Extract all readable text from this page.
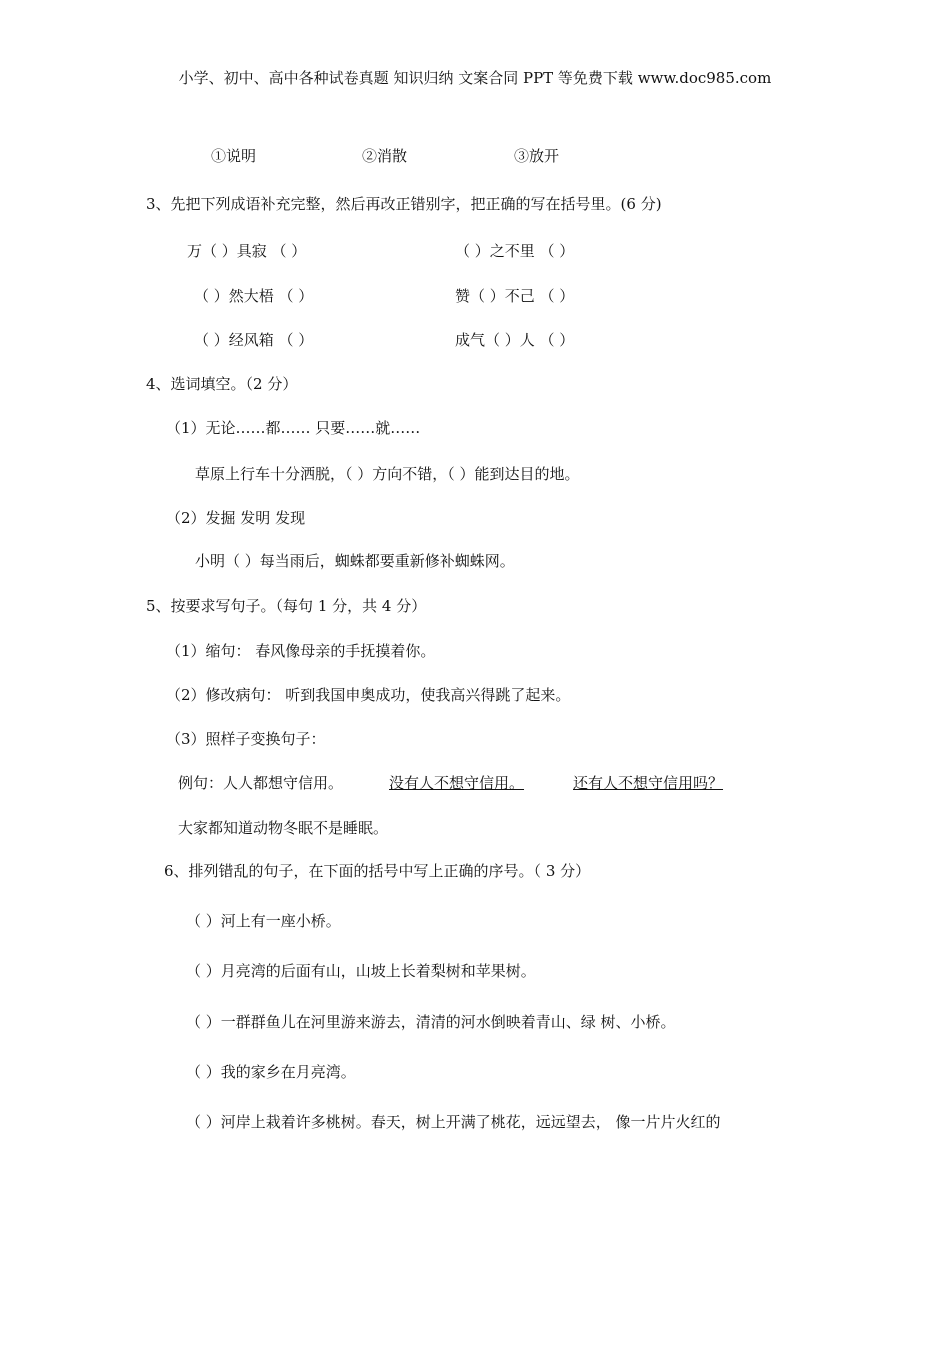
小学、初中、高中各种试卷真题 知识归纳 文案合同 PPT 等免费下载 www.doc985.com
①说明	②消散	③放开
3、先把下列成语补充完整，然后再改正错别字，把正确的写在括号里。(6 分)
万（ ）具寂 （ ）	（ ）之不里 （ ）
（ ）然大梧 （ ）	赞（ ）不己 （ ）
（ ）经风箱 （ ）	成气（ ）人 （ ）
4、选词填空。（2 分）
（1）无论……都…… 只要……就……
草原上行车十分洒脱，（ ）方向不错，（ ）能到达目的地。
（2）发掘 发明 发现
小明（ ）每当雨后，蜘蛛都要重新修补蜘蛛网。
5、按要求写句子。（每句 1 分，共 4 分）
（1）缩句： 春风像母亲的手抚摸着你。
（2）修改病句： 听到我国申奥成功，使我高兴得跳了起来。
（3）照样子变换句子：
例句：人人都想守信用。	没有人不想守信用。	还有人不想守信用吗？
大家都知道动物冬眠不是睡眠。
6、排列错乱的句子，在下面的括号中写上正确的序号。（ 3 分）
（ ）河上有一座小桥。
（ ）月亮湾的后面有山，山坡上长着梨树和苹果树。
（ ）一群群鱼儿在河里游来游去，清清的河水倒映着青山、绿 树、小桥。
（ ）我的家乡在月亮湾。
（ ）河岸上栽着许多桃树。春天，树上开满了桃花，远远望去， 像一片片火红的
